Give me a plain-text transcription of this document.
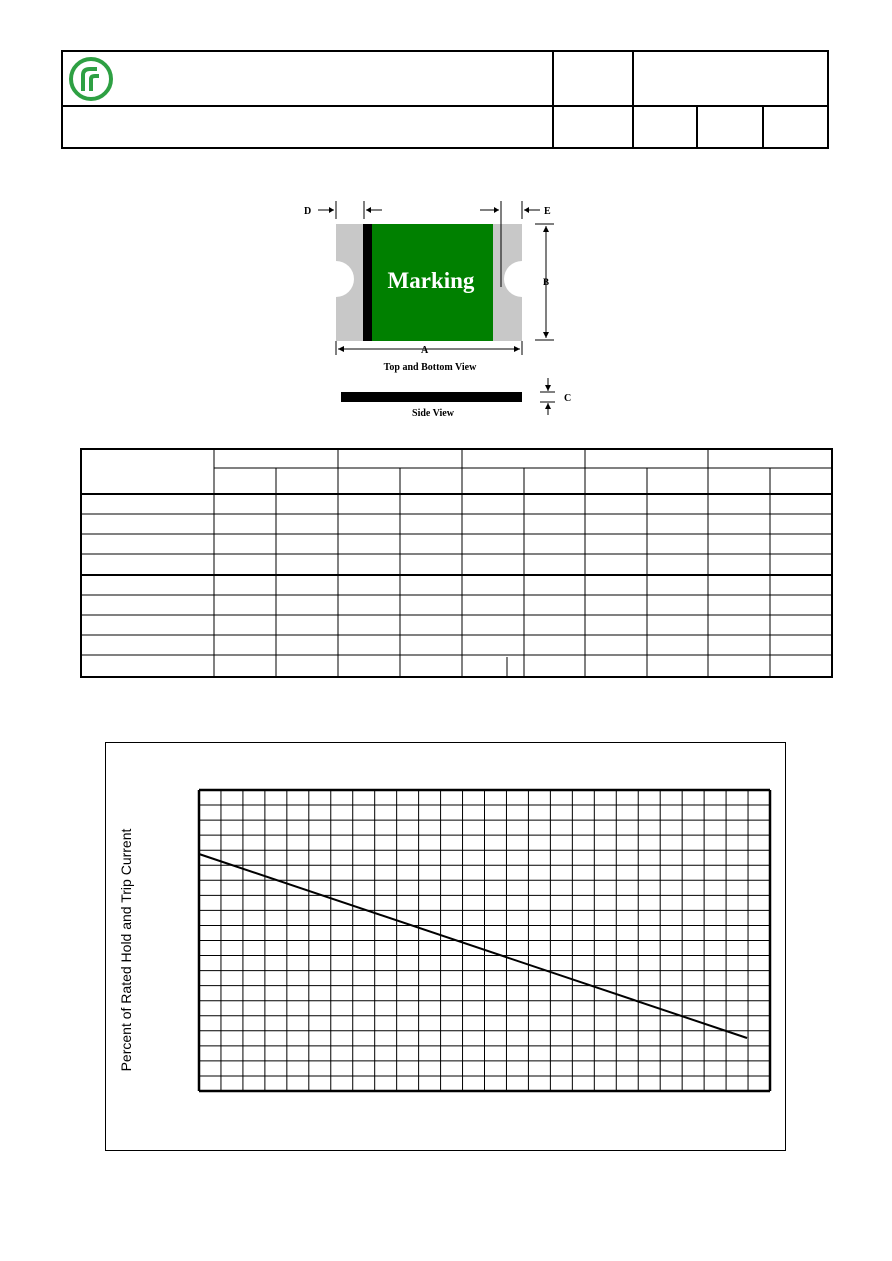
Marking
D	E
B
A
Top and Bottom View
C
Side View
Percent of Rated Hold and Trip Current
